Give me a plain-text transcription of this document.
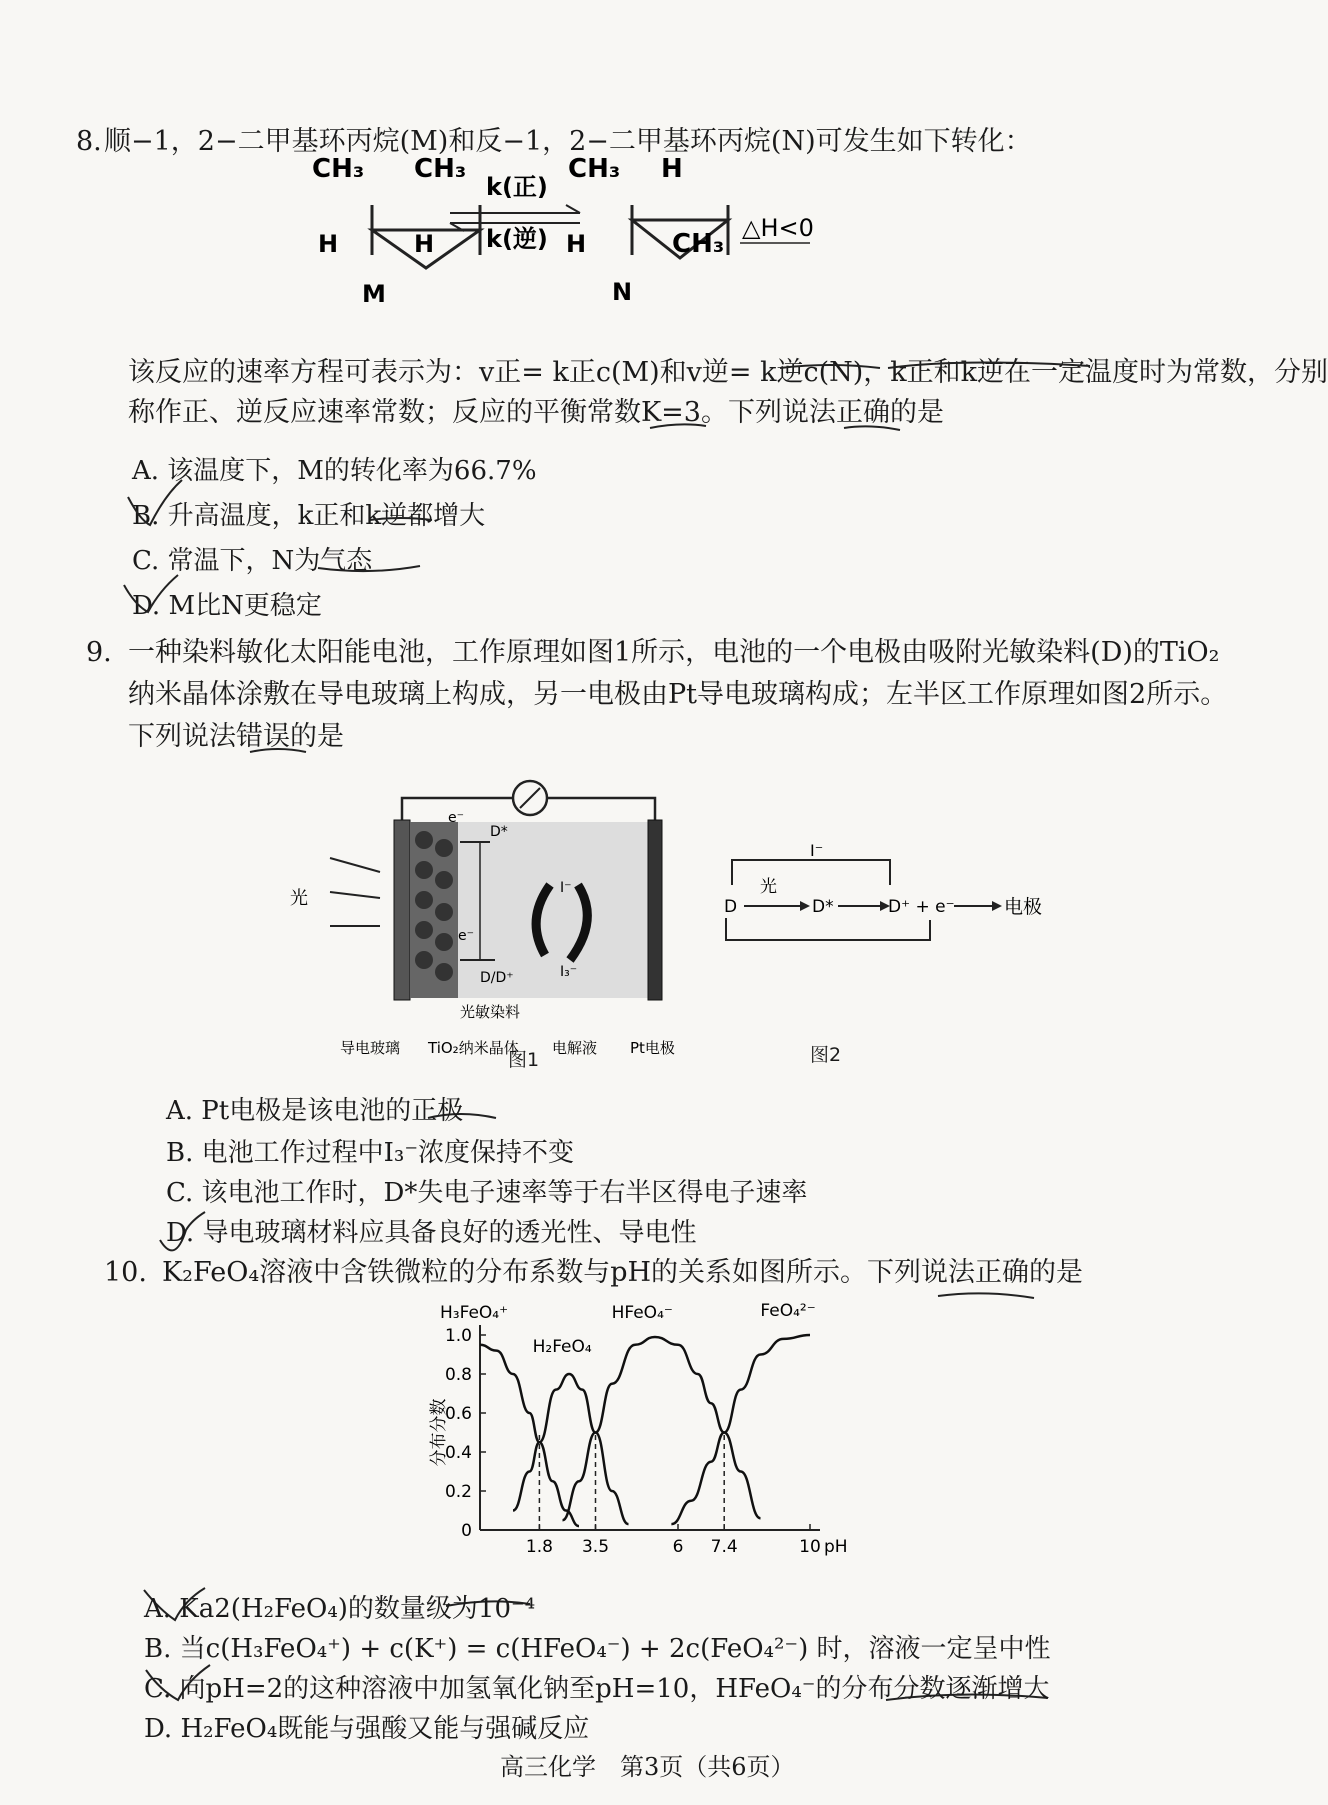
8. 顺−1，2−二甲基环丙烷(M)和反−1，2−二甲基环丙烷(N)可发生如下转化：
CH₃ CH₃
H	H
M
k(正)
k(逆)
CH₃ H
H	CH₃
N
△H<0
该反应的速率方程可表示为：v正= k正c(M)和v逆= k逆c(N)，k正和k逆在一定温度时为常数，分别
称作正、逆反应速率常数；反应的平衡常数K=3。下列说法正确的是
A. 该温度下，M的转化率为66.7%
B. 升高温度，k正和k逆都增大
C. 常温下，N为气态
D. M比N更稳定
9. 一种染料敏化太阳能电池，工作原理如图1所示，电池的一个电极由吸附光敏染料(D)的TiO₂
纳米晶体涂敷在导电玻璃上构成，另一电极由Pt导电玻璃构成；左半区工作原理如图2所示。
下列说法错误的是
光
e⁻
D*
e⁻
I⁻
D/D⁺	I₃⁻
光敏染料
导电玻璃 TiO₂纳米晶体 电解液 Pt电极
图1
I⁻
D
光
D*	D⁺ + e⁻	电极
图2
A. Pt电极是该电池的正极
B. 电池工作过程中I₃⁻浓度保持不变
C. 该电池工作时，D*失电子速率等于右半区得电子速率
D. 导电玻璃材料应具备良好的透光性、导电性
10. K₂FeO₄溶液中含铁微粒的分布系数与pH的关系如图所示。下列说法正确的是
0
0.2
0.4
0.6
0.8
1.0
1.8 3.5	6 7.4	10 pH
分布分数
H₃FeO₄⁺
H₂FeO₄
HFeO₄⁻	FeO₄²⁻
A. Ka2(H₂FeO₄)的数量级为10⁻⁴
B. 当c(H₃FeO₄⁺) + c(K⁺) = c(HFeO₄⁻) + 2c(FeO₄²⁻) 时，溶液一定呈中性
C. 向pH=2的这种溶液中加氢氧化钠至pH=10，HFeO₄⁻的分布分数逐渐增大
D. H₂FeO₄既能与强酸又能与强碱反应
高三化学　第3页（共6页）
